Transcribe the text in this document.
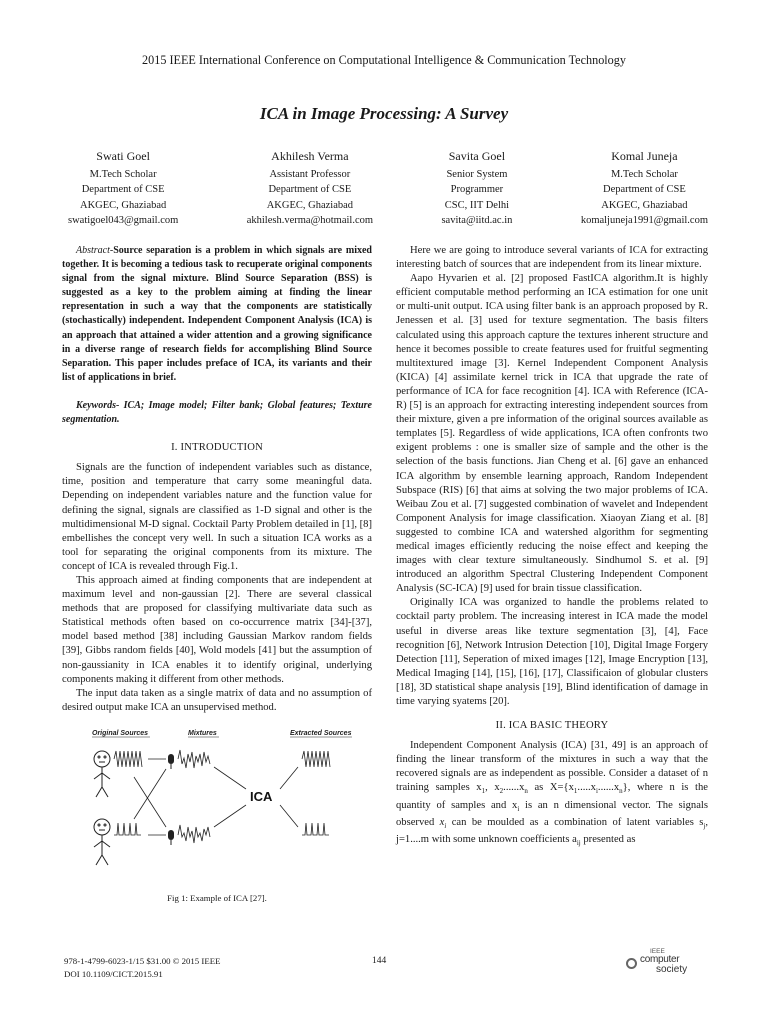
2015 IEEE International Conference on Computational Intelligence & Communication Technology
ICA in Image Processing: A Survey
Swati Goel
M.Tech Scholar
Department of CSE
AKGEC, Ghaziabad
swatigoel043@gmail.com
Akhilesh Verma
Assistant Professor
Department of CSE
AKGEC, Ghaziabad
akhilesh.verma@hotmail.com
Savita Goel
Senior System
Programmer
CSC, IIT Delhi
savita@iitd.ac.in
Komal Juneja
M.Tech Scholar
Department of CSE
AKGEC, Ghaziabad
komaljuneja1991@gmail.com
Abstract-Source separation is a problem in which signals are mixed together. It is becoming a tedious task to recuperate original components signal from the signal mixture. Blind Source Separation (BSS) is suggested as a key to the problem aiming at finding the linear representation in such a way that the components are statistically (stochastically) independent. Independent Component Analysis (ICA) is an approach that attained a wider attention and a growing significance in a diverse range of research fields for accomplishing Blind Source Separation. This paper includes preface of ICA, its variants and their list of applications in brief.
Keywords- ICA; Image model; Filter bank; Global features; Texture segmentation.
I. INTRODUCTION

Signals are the function of independent variables such as distance, time, position and temperature that carry some meaningful data. Depending on independent variables nature and the function value for defining the signal, signals are classified as 1-D signal and other is the multidimensional M-D signal. Cocktail Party Problem detailed in [1], [8] embellishes the concept very well. In such a situation ICA works as a tool for separating the original components from its mixture. The concept of ICA is revealed through Fig.1.

This approach aimed at finding components that are independent at maximum level and non-gaussian [2]. There are several classical methods that are proposed for classifying multivariate data such as Statistical methods often based on co-occurrence matrix [34]-[37], model based method [38] including Gaussian Markov random fields [39], Gibbs random fields [40], Wold models [41] but the assumption of non-gaussianity in ICA enables it to identify original, underlying components making it different from other methods.

The input data taken as a single matrix of data and no assumption of desired output make ICA an unsupervised method.

Original Sources	Mixtures	Extracted Sources
ICA
Fig 1: Example of ICA [27].

Here we are going to introduce several variants of ICA for extracting interesting batch of sources that are independent from its linear mixture.

Aapo Hyvarien et al. [2] proposed FastICA algorithm.It is highly efficient computable method performing an ICA estimation for one unit or multi-unit output. ICA using filter bank is an approach proposed by R. Jenessen et al. [3] used for texture segmentation. The basis filters calculated using this approach capture the textures inherent structure and hence it becomes possible to create features used for fruitful segmenting multitextured image [3]. Kernel Independent Component Analysis (KICA) [4] assimilate kernel trick in ICA that upgrade the rate of performance of ICA for face recognition [4]. ICA with Reference (ICA-R) [5] is an approach for extracting interesting independent sources from their mixture, given a pre information of the original sources available as templates [5]. Regardless of wide applications, ICA often confronts two exigent problems : one is smaller size of sample and the other is the selection of the basis functions. Jian Cheng et al. [6] gave an enhanced ICA algorithm by ensemble learning approach, Random Independent Subspace (RIS) [6] that aims at solving the two major problems of ICA. Weibau Zou et al. [7] suggested combination of wavelet and Independent Component Analysis for image classification. Xiaoyan Ziang et al. [8] suggested to combine ICA and watershed algorithm for segmenting medical images efficiently reducing the noise effect and keeping the images with clear texture simultaneously. Sindhumol S. et al. [9] introduced an algorithm Spectral Clustering Independent Component Analysis (SC-ICA) [9] used for brain tissue classification.

Originally ICA was organized to handle the problems related to cocktail party problem. The increasing interest in ICA made the model useful in diverse areas like texture segmentation [3], [4], Face recognition [6], Network Intrusion Detection [10], Digital Image Forgery Detection [11], Seperation of mixed images [12], Image Encryption [13], Medical Imaging [14], [15], [16], [17], Classificaion of globular clusters [18], 3D statistical shape analysis [19], Blind identification of damage in time varying syatems [20].

II. ICA BASIC THEORY

Independent Component Analysis (ICA) [31, 49] is an approach of finding the linear transform of the mixtures in such a way that the recovered signals are as independent as possible. Consider a dataset of n training samples $x_1$, $x_2......x_n$ as $X=\{x_1.....x_i......x_n\}$, where n is the quantity of samples and $x_i$ is an n dimensional vector. The signals observed $x_i$ can be moulded as a combination of latent variables $s_j$, j=1....m with some unknown coefficients $a_{ij}$ presented as

978-1-4799-6023-1/15 $31.00 © 2015 IEEE
DOI 10.1109/CICT.2015.91
144
IEEE
computer
society
